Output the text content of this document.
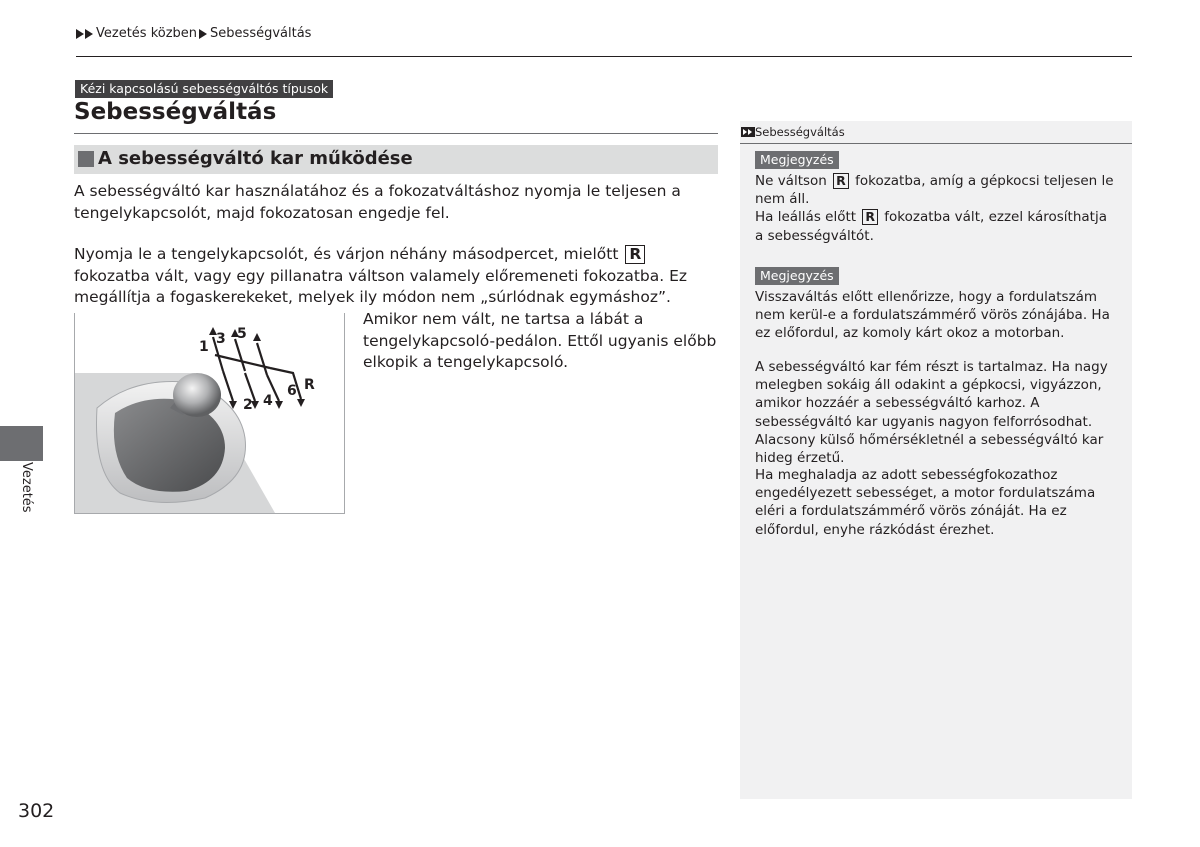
Vezetés közben Sebességváltás
Kézi kapcsolású sebességváltós típusok
Sebességváltás
A sebességváltó kar működése

A sebességváltó kar használatához és a fokozatváltáshoz nyomja le teljesen a tengelykapcsolót, majd fokozatosan engedje fel.

Nyomja le a tengelykapcsolót, és várjon néhány másodpercet, mielőtt R fokozatba vált, vagy egy pillanatra váltson valamely előremeneti fokozatba. Ez megállítja a fogaskerekeket, melyek ily módon nem „súrlódnak egymáshoz”.

Amikor nem vált, ne tartsa a lábát a tengelykapcsoló-pedálon. Ettől ugyanis előbb elkopik a tengelykapcsoló.

1 3 5
2 4
6 R
Sebességváltás
Megjegyzés

Ne váltson R fokozatba, amíg a gépkocsi teljesen le nem áll.

Ha leállás előtt R fokozatba vált, ezzel károsíthatja a sebességváltót.

Megjegyzés

Visszaváltás előtt ellenőrizze, hogy a fordulatszám nem kerül-e a fordulatszámmérő vörös zónájába. Ha ez előfordul, az komoly kárt okoz a motorban.

A sebességváltó kar fém részt is tartalmaz. Ha nagy melegben sokáig áll odakint a gépkocsi, vigyázzon, amikor hozzáér a sebességváltó karhoz. A sebességváltó kar ugyanis nagyon felforrósodhat. Alacsony külső hőmérsékletnél a sebességváltó kar hideg érzetű.

Ha meghaladja az adott sebességfokozathoz engedélyezett sebességet, a motor fordulatszáma eléri a fordulatszámmérő vörös zónáját. Ha ez előfordul, enyhe rázkódást érezhet.

Vezetés
302
